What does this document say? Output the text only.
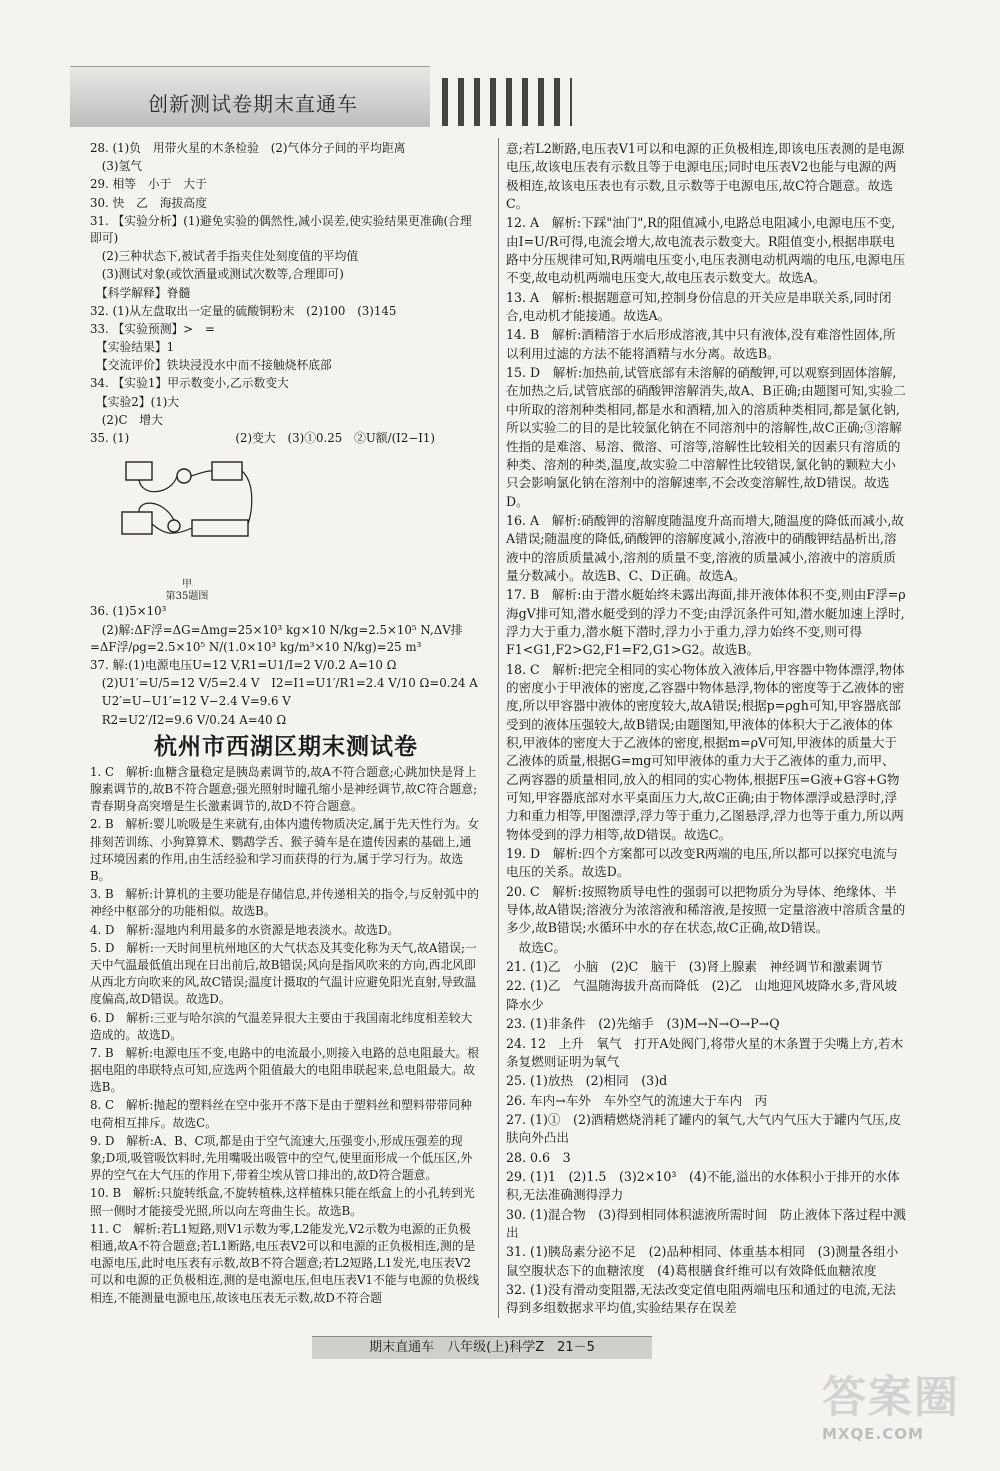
创新测试卷期末直通车
28. (1)负　用带火星的木条检验　(2)气体分子间的平均距离
　(3)氢气
29. 相等　小于　大于
30. 快　乙　海拔高度
31. 【实验分析】(1)避免实验的偶然性,减小误差,使实验结果更准确(合理即可)
　(2)三种状态下,被试者手指夹住处刻度值的平均值
　(3)测试对象(或饮酒量或测试次数等,合理即可)
　【科学解释】脊髓
32. (1)从左盘取出一定量的硫酸铜粉末　(2)100　(3)145
33. 【实验预测】>　=
　【实验结果】1
　【交流评价】铁块浸没水中而不接触烧杯底部
34. 【实验1】甲示数变小,乙示数变大
　【实验2】(1)大
　(2)C　增大
35. (1)　　　　　　　　　(2)变大　(3)①0.25　②U额/(I2−I1)
甲
第35题图
36. (1)5×10³
　(2)解:ΔF浮=ΔG=Δmg=25×10³ kg×10 N/kg=2.5×10⁵ N,ΔV排=ΔF浮/ρg=2.5×10⁵ N/(1.0×10³ kg/m³×10 N/kg)=25 m³
37. 解:(1)电源电压U=12 V,R1=U1/I=2 V/0.2 A=10 Ω
　(2)U1′=U/5=12 V/5=2.4 V　I2=I1=U1′/R1=2.4 V/10 Ω=0.24 A
　U2′=U−U1′=12 V−2.4 V=9.6 V
　R2=U2′/I2=9.6 V/0.24 A=40 Ω
杭州市西湖区期末测试卷
1. C　解析:血糖含量稳定是胰岛素调节的,故A不符合题意;心跳加快是肾上腺素调节的,故B不符合题意;强光照射时瞳孔缩小是神经调节,故C符合题意;青春期身高突增是生长激素调节的,故D不符合题意。
2. B　解析:婴儿吮吸是生来就有,由体内遗传物质决定,属于先天性行为。女排刻苦训练、小狗算算术、鹦鹉学舌、猴子骑车是在遗传因素的基础上,通过环境因素的作用,由生活经验和学习而获得的行为,属于学习行为。故选B。
3. B　解析:计算机的主要功能是存储信息,并传递相关的指令,与反射弧中的神经中枢部分的功能相似。故选B。
4. D　解析:湿地内利用最多的水资源是地表淡水。故选D。
5. D　解析:一天时间里杭州地区的大气状态及其变化称为天气,故A错误;一天中气温最低值出现在日出前后,故B错误;风向是指风吹来的方向,西北风即从西北方向吹来的风,故C错误;温度计摄取的气温计应避免阳光直射,导致温度偏高,故D错误。故选D。
6. D　解析:三亚与哈尔滨的气温差异很大主要由于我国南北纬度相差较大造成的。故选D。
7. B　解析:电源电压不变,电路中的电流最小,则接入电路的总电阻最大。根据电阻的串联特点可知,应选两个阻值最大的电阻串联起来,总电阻最大。故选B。
8. C　解析:抛起的塑料丝在空中张开不落下是由于塑料丝和塑料带带同种电荷相互排斥。故选C。
9. D　解析:A、B、C项,都是由于空气流速大,压强变小,形成压强差的现象;D项,吸管吸饮料时,先用嘴吸出吸管中的空气,使里面形成一个低压区,外界的空气在大气压的作用下,带着尘埃从管口排出的,故D符合题意。
10. B　解析:只旋转纸盒,不旋转植株,这样植株只能在纸盒上的小孔转到光照一侧时才能接受光照,所以向左弯曲生长。故选B。
11. C　解析:若L1短路,则V1示数为零,L2能发光,V2示数为电源的正负极相通,故A不符合题意;若L1断路,电压表V2可以和电源的正负极相连,测的是电源电压,此时电压表有示数,故B不符合题意;若L2短路,L1发光,电压表V2可以和电源的正负极相连,测的是电源电压,但电压表V1不能与电源的负极线相连,不能测量电源电压,故该电压表无示数,故D不符合题
意;若L2断路,电压表V1可以和电源的正负极相连,即该电压表测的是电源电压,故该电压表有示数且等于电源电压;同时电压表V2也能与电源的两极相连,故该电压表也有示数,且示数等于电源电压,故C符合题意。故选C。
12. A　解析:下踩"油门",R的阻值减小,电路总电阻减小,电源电压不变,由I=U/R可得,电流会增大,故电流表示数变大。R阻值变小,根据串联电路中分压规律可知,R两端电压变小,电压表测电动机两端的电压,电源电压不变,故电动机两端电压变大,故电压表示数变大。故选A。
13. A　解析:根据题意可知,控制身份信息的开关应是串联关系,同时闭合,电动机才能接通。故选A。
14. B　解析:酒精溶于水后形成溶液,其中只有液体,没有难溶性固体,所以利用过滤的方法不能将酒精与水分离。故选B。
15. D　解析:加热前,试管底部有未溶解的硝酸钾,可以观察到固体溶解,在加热之后,试管底部的硝酸钾溶解消失,故A、B正确;由题图可知,实验二中所取的溶剂种类相同,都是水和酒精,加入的溶质种类相同,都是氯化钠,所以实验二的目的是比较氯化钠在不同溶剂中的溶解性,故C正确;③溶解性指的是难溶、易溶、微溶、可溶等,溶解性比较相关的因素只有溶质的种类、溶剂的种类,温度,故实验二中溶解性比较错误,氯化钠的颗粒大小只会影响氯化钠在溶剂中的溶解速率,不会改变溶解性,故D错误。故选D。
16. A　解析:硝酸钾的溶解度随温度升高而增大,随温度的降低而减小,故A错误;随温度的降低,硝酸钾的溶解度减小,溶液中的硝酸钾结晶析出,溶液中的溶质质量减小,溶剂的质量不变,溶液的质量减小,溶液中的溶质质量分数减小。故选B、C、D正确。故选A。
17. B　解析:由于潜水艇始终未露出海面,排开液体体积不变,则由F浮=ρ海gV排可知,潜水艇受到的浮力不变;由浮沉条件可知,潜水艇加速上浮时,浮力大于重力,潜水艇下潜时,浮力小于重力,浮力始终不变,则可得F1<G1,F2>G2,F1=F2,G1>G2。故选B。
18. C　解析:把完全相同的实心物体放入液体后,甲容器中物体漂浮,物体的密度小于甲液体的密度,乙容器中物体悬浮,物体的密度等于乙液体的密度,所以甲容器中液体的密度较大,故A错误;根据p=ρgh可知,甲容器底部受到的液体压强较大,故B错误;由题图知,甲液体的体积大于乙液体的体积,甲液体的密度大于乙液体的密度,根据m=ρV可知,甲液体的质量大于乙液体的质量,根据G=mg可知甲液体的重力大于乙液体的重力,而甲、乙两容器的质量相同,放入的相同的实心物体,根据F压=G液+G容+G物可知,甲容器底部对水平桌面压力大,故C正确;由于物体漂浮或悬浮时,浮力和重力相等,甲图漂浮,浮力等于重力,乙图悬浮,浮力也等于重力,所以两物体受到的浮力相等,故D错误。故选C。
19. D　解析:四个方案都可以改变R两端的电压,所以都可以探究电流与电压的关系。故选D。
20. C　解析:按照物质导电性的强弱可以把物质分为导体、绝缘体、半导体,故A错误;溶液分为浓溶液和稀溶液,是按照一定量溶液中溶质含量的多少,故B错误;水循环中水的存在状态,故C正确,故D错误。
　故选C。
21. (1)乙　小脑　(2)C　脑干　(3)肾上腺素　神经调节和激素调节
22. (1)乙　气温随海拔升高而降低　(2)乙　山地迎风坡降水多,背风坡降水少
23. (1)非条件　(2)先缩手　(3)M→N→O→P→Q
24. 12　上升　氧气　打开A处阀门,将带火星的木条置于尖嘴上方,若木条复燃则证明为氧气
25. (1)放热　(2)相同　(3)d
26. 车内→车外　车外空气的流速大于车内　丙
27. (1)①　(2)酒精燃烧消耗了罐内的氧气,大气内气压大于罐内气压,皮肤向外凸出
28. 0.6　3
29. (1)1　(2)1.5　(3)2×10³　(4)不能,溢出的水体积小于排开的水体积,无法准确测得浮力
30. (1)混合物　(3)得到相同体积滤液所需时间　防止液体下落过程中溅出
31. (1)胰岛素分泌不足　(2)品种相同、体重基本相同　(3)测量各组小鼠空腹状态下的血糖浓度　(4)葛根膳食纤维可以有效降低血糖浓度
32. (1)没有滑动变阻器,无法改变定值电阻两端电压和通过的电流,无法得到多组数据求平均值,实验结果存在误差
期末直通车　八年级(上)科学Z　21－5
答案圈
MXQE.COM
